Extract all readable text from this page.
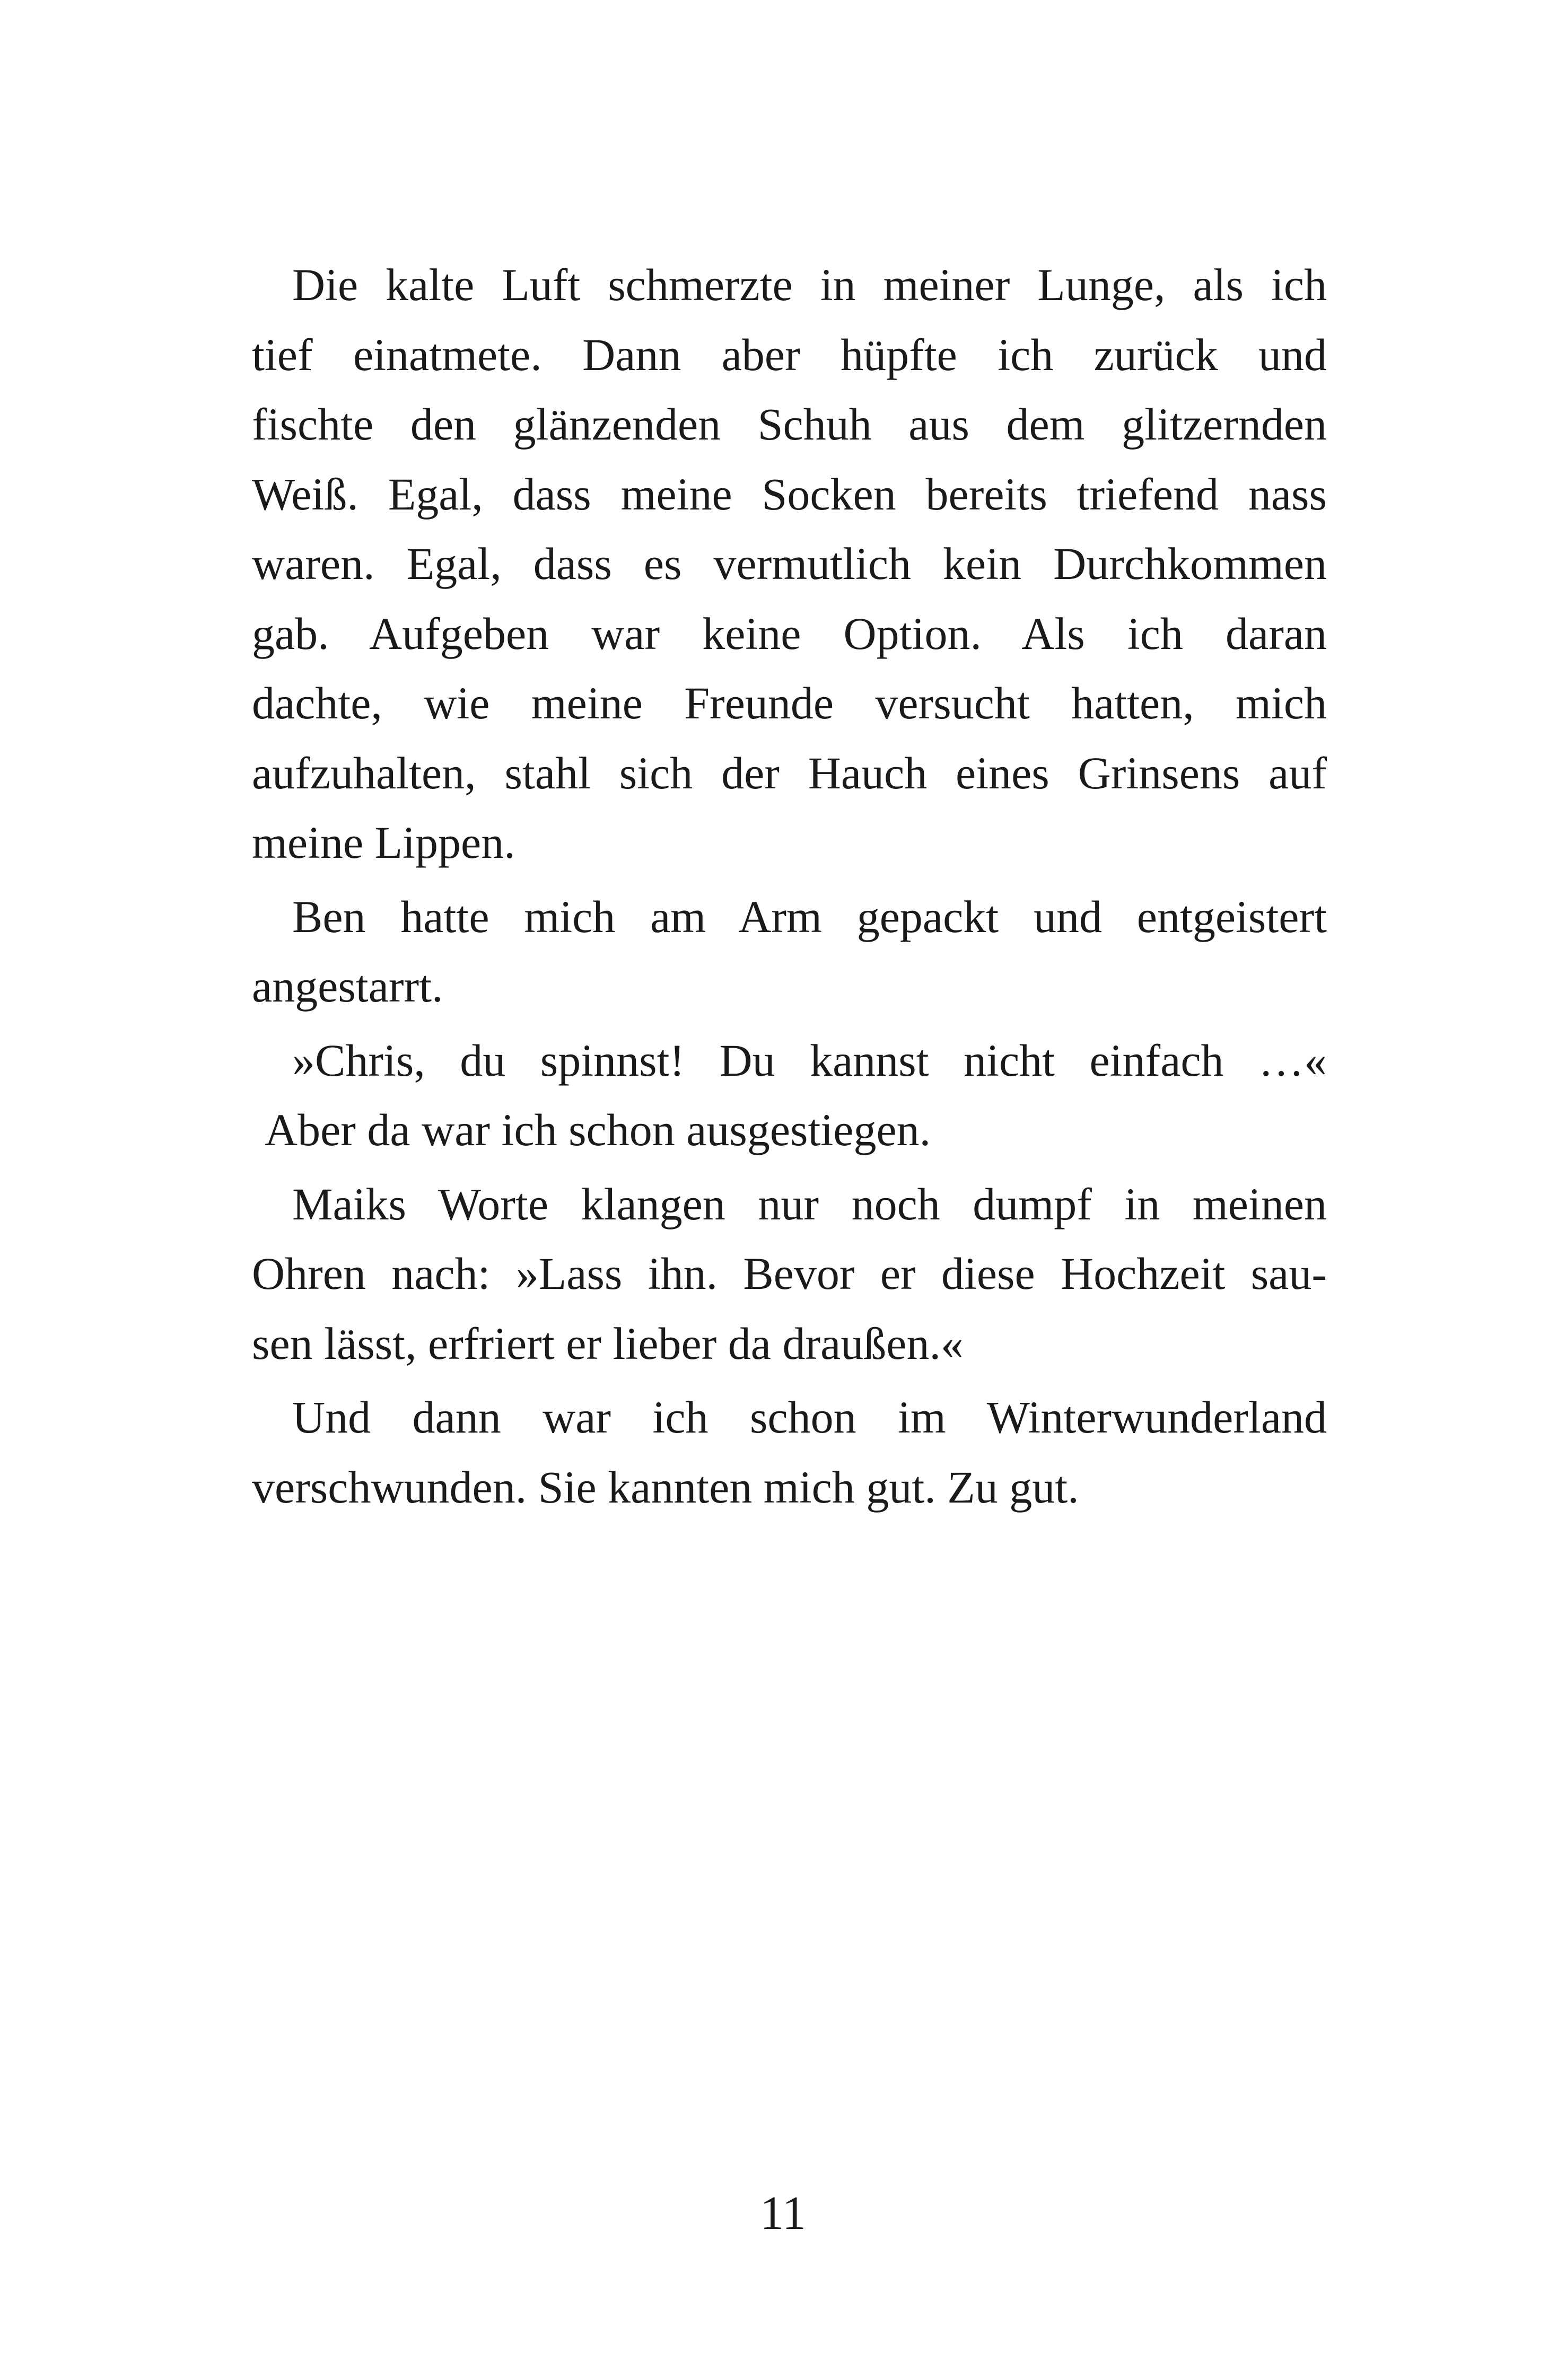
Die kalte Luft schmerzte in meiner Lunge, als ich
tief einatmete. Dann aber hüpfte ich zurück und
fischte den glänzenden Schuh aus dem glitzernden
Weiß. Egal, dass meine Socken bereits triefend nass
waren. Egal, dass es vermutlich kein Durchkommen
gab. Aufgeben war keine Option. Als ich daran
dachte, wie meine Freunde versucht hatten, mich
aufzuhalten, stahl sich der Hauch eines Grinsens auf
meine Lippen.

Ben hatte mich am Arm gepackt und entgeistert
angestarrt.

»Chris, du spinnst! Du kannst nicht einfach …«
Aber da war ich schon ausgestiegen.

Maiks Worte klangen nur noch dumpf in meinen
Ohren nach: »Lass ihn. Bevor er diese Hochzeit sau-
sen lässt, erfriert er lieber da draußen.«

Und dann war ich schon im Winterwunderland
verschwunden. Sie kannten mich gut. Zu gut.

11
